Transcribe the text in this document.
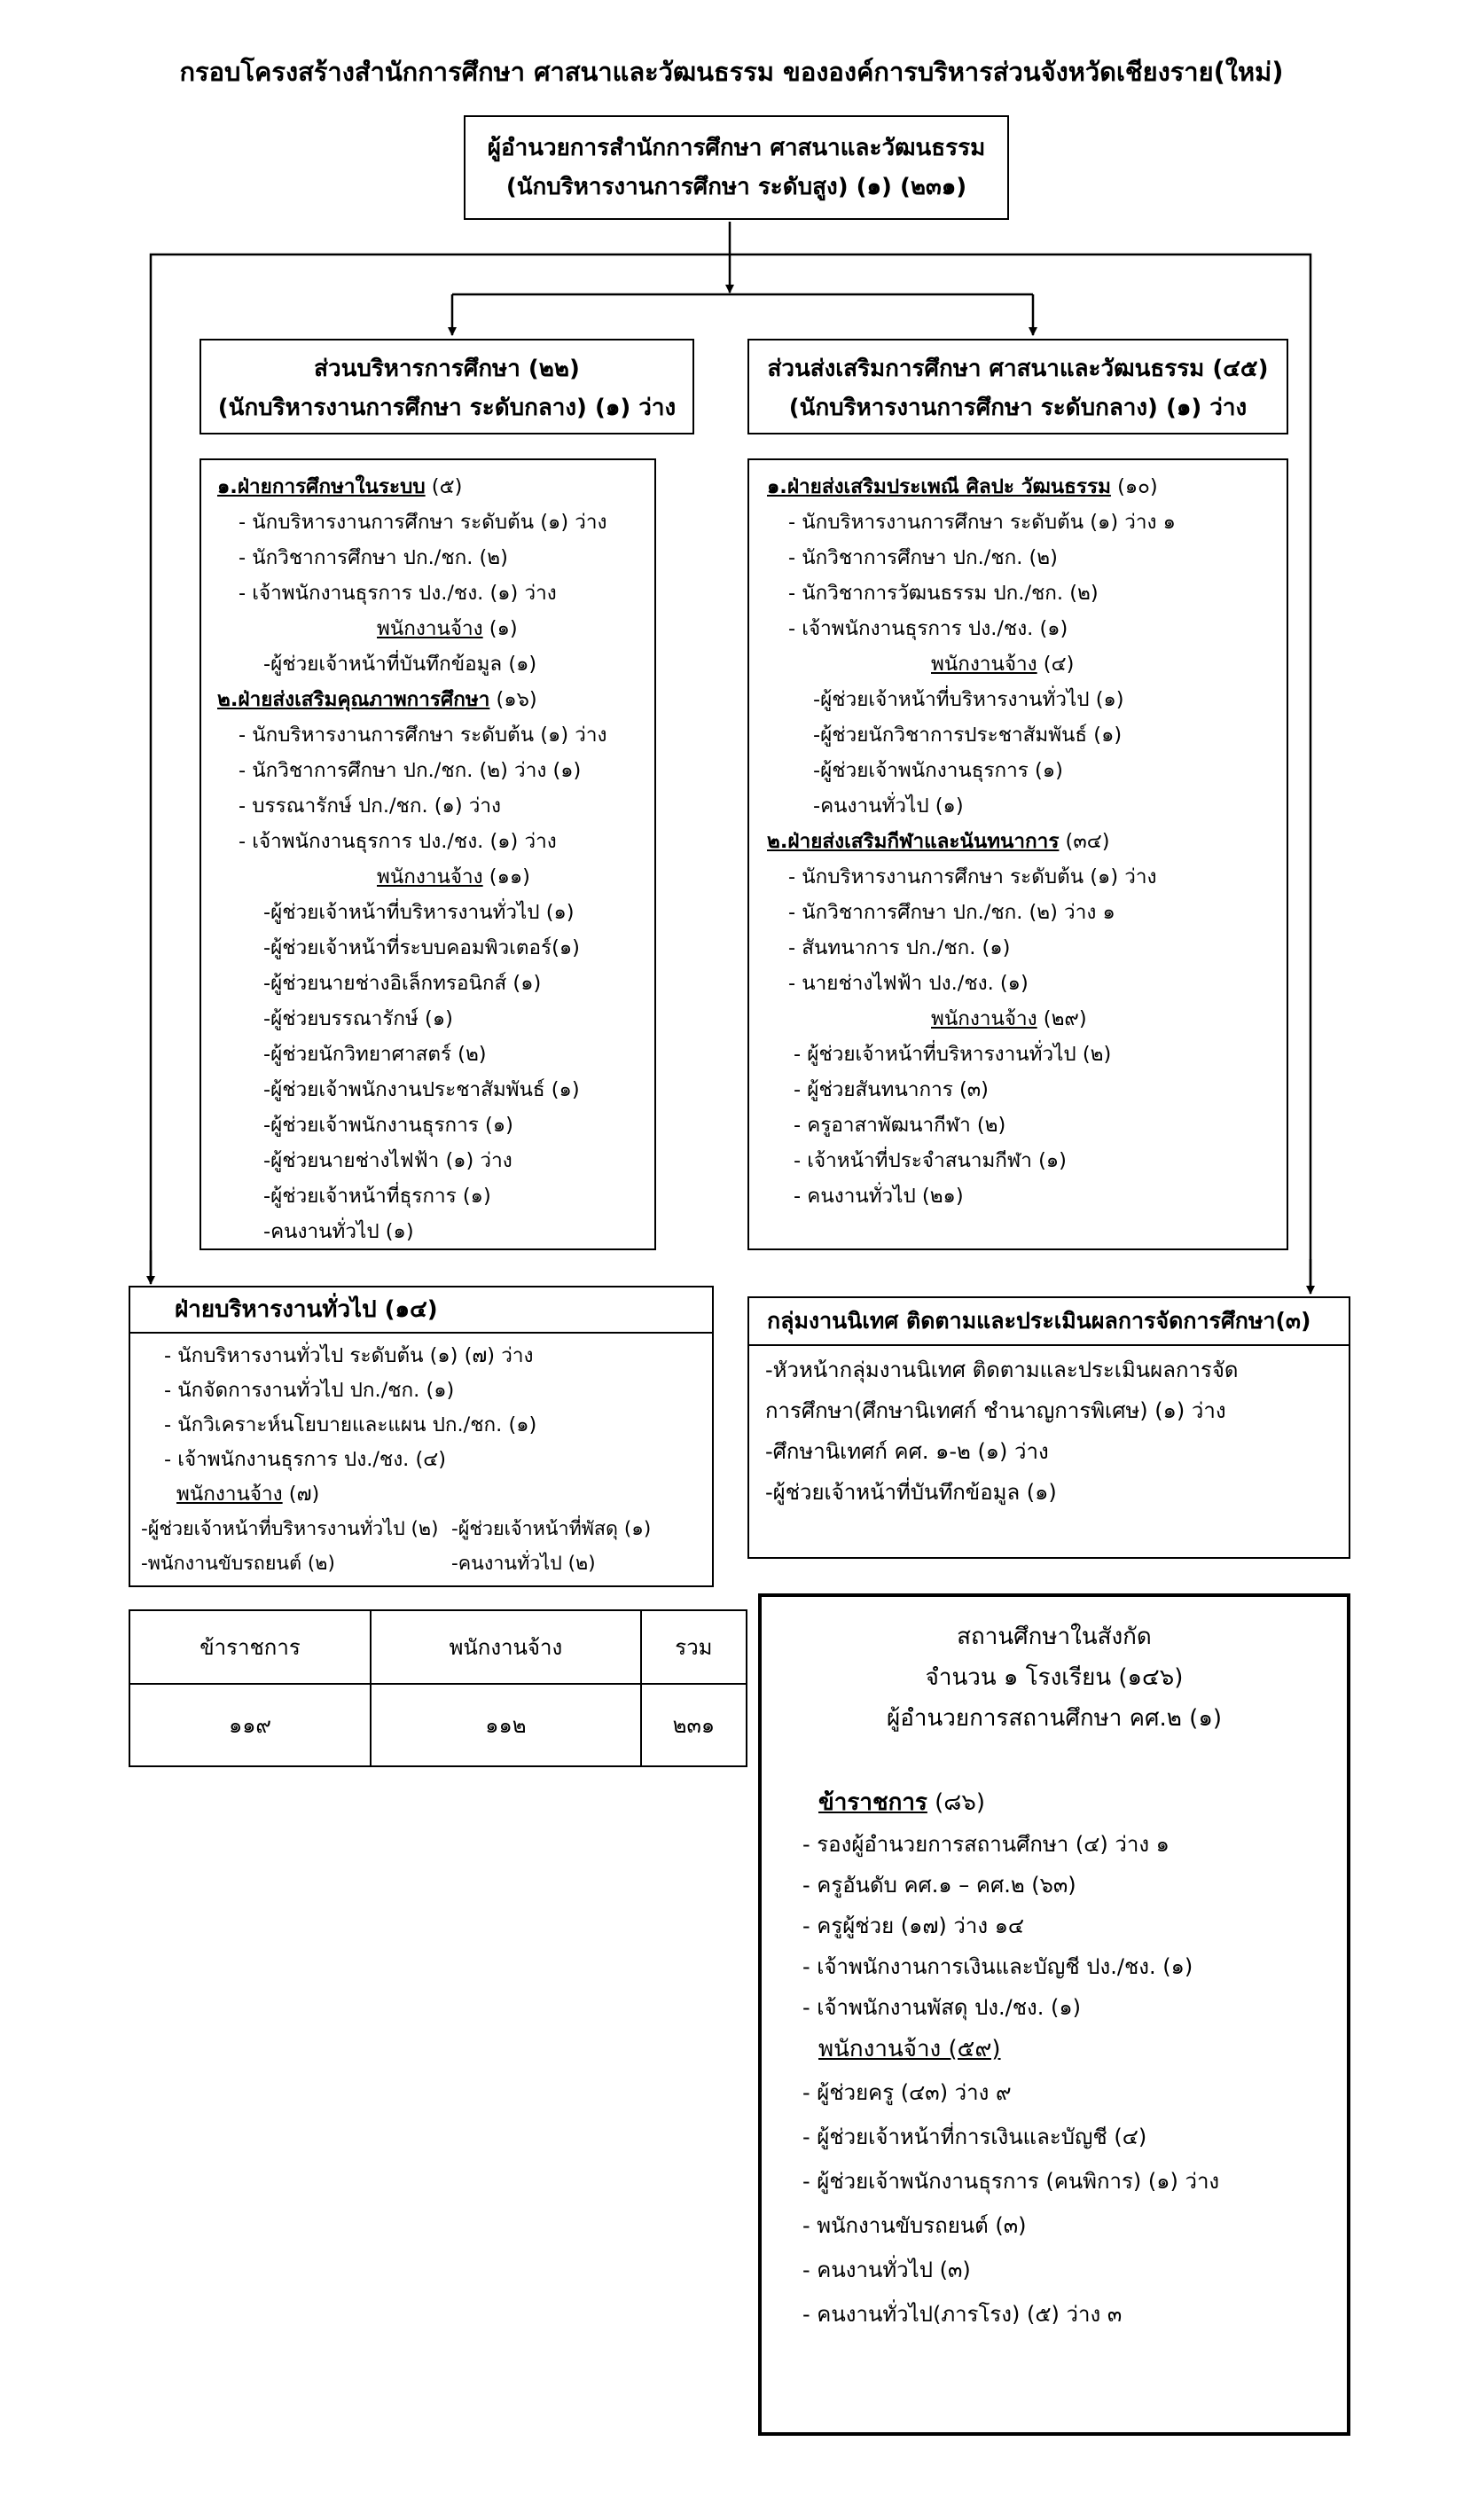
กรอบโครงสร้างสำนักการศึกษา ศาสนาและวัฒนธรรม ขององค์การบริหารส่วนจังหวัดเชียงราย(ใหม่)
ผู้อำนวยการสำนักการศึกษา ศาสนาและวัฒนธรรม
(นักบริหารงานการศึกษา ระดับสูง) (๑) (๒๓๑)
ส่วนบริหารการศึกษา (๒๒)
(นักบริหารงานการศึกษา ระดับกลาง) (๑) ว่าง
ส่วนส่งเสริมการศึกษา ศาสนาและวัฒนธรรม (๔๕)
(นักบริหารงานการศึกษา ระดับกลาง) (๑) ว่าง
๑.ฝ่ายการศึกษาในระบบ (๕)
- นักบริหารงานการศึกษา ระดับต้น (๑) ว่าง
- นักวิชาการศึกษา ปก./ชก. (๒)
- เจ้าพนักงานธุรการ ปง./ชง. (๑) ว่าง
พนักงานจ้าง (๑)
-ผู้ช่วยเจ้าหน้าที่บันทึกข้อมูล (๑)
๒.ฝ่ายส่งเสริมคุณภาพการศึกษา (๑๖)
- นักบริหารงานการศึกษา ระดับต้น (๑) ว่าง
- นักวิชาการศึกษา ปก./ชก. (๒) ว่าง (๑)
- บรรณารักษ์ ปก./ชก. (๑) ว่าง
- เจ้าพนักงานธุรการ ปง./ชง. (๑) ว่าง
พนักงานจ้าง (๑๑)
-ผู้ช่วยเจ้าหน้าที่บริหารงานทั่วไป (๑)
-ผู้ช่วยเจ้าหน้าที่ระบบคอมพิวเตอร์(๑)
-ผู้ช่วยนายช่างอิเล็กทรอนิกส์ (๑)
-ผู้ช่วยบรรณารักษ์ (๑)
-ผู้ช่วยนักวิทยาศาสตร์ (๒)
-ผู้ช่วยเจ้าพนักงานประชาสัมพันธ์ (๑)
-ผู้ช่วยเจ้าพนักงานธุรการ (๑)
-ผู้ช่วยนายช่างไฟฟ้า (๑) ว่าง
-ผู้ช่วยเจ้าหน้าที่ธุรการ (๑)
-คนงานทั่วไป (๑)
๑.ฝ่ายส่งเสริมประเพณี ศิลปะ วัฒนธรรม (๑๐)
- นักบริหารงานการศึกษา ระดับต้น (๑) ว่าง ๑
- นักวิชาการศึกษา ปก./ชก. (๒)
- นักวิชาการวัฒนธรรม ปก./ชก. (๒)
- เจ้าพนักงานธุรการ ปง./ชง. (๑)
พนักงานจ้าง (๔)
-ผู้ช่วยเจ้าหน้าที่บริหารงานทั่วไป (๑)
-ผู้ช่วยนักวิชาการประชาสัมพันธ์ (๑)
-ผู้ช่วยเจ้าพนักงานธุรการ (๑)
-คนงานทั่วไป (๑)
๒.ฝ่ายส่งเสริมกีฬาและนันทนาการ (๓๔)
- นักบริหารงานการศึกษา ระดับต้น (๑) ว่าง
- นักวิชาการศึกษา ปก./ชก. (๒) ว่าง ๑
- สันทนาการ ปก./ชก. (๑)
- นายช่างไฟฟ้า ปง./ชง. (๑)
พนักงานจ้าง (๒๙)
- ผู้ช่วยเจ้าหน้าที่บริหารงานทั่วไป (๒)
- ผู้ช่วยสันทนาการ (๓)
- ครูอาสาพัฒนากีฬา (๒)
- เจ้าหน้าที่ประจำสนามกีฬา (๑)
- คนงานทั่วไป (๒๑)
ฝ่ายบริหารงานทั่วไป (๑๔)
- นักบริหารงานทั่วไป ระดับต้น (๑) (๗) ว่าง
- นักจัดการงานทั่วไป ปก./ชก. (๑)
- นักวิเคราะห์นโยบายและแผน ปก./ชก. (๑)
- เจ้าพนักงานธุรการ ปง./ชง. (๔)
พนักงานจ้าง (๗)
-ผู้ช่วยเจ้าหน้าที่บริหารงานทั่วไป (๒) -ผู้ช่วยเจ้าหน้าที่พัสดุ (๑)
-พนักงานขับรถยนต์ (๒)	-คนงานทั่วไป (๒)
กลุ่มงานนิเทศ ติดตามและประเมินผลการจัดการศึกษา(๓)
-หัวหน้ากลุ่มงานนิเทศ ติดตามและประเมินผลการจัด
การศึกษา(ศึกษานิเทศก์ ชำนาญการพิเศษ) (๑) ว่าง
-ศึกษานิเทศก์ คศ. ๑-๒ (๑) ว่าง
-ผู้ช่วยเจ้าหน้าที่บันทึกข้อมูล (๑)
ข้าราชการ	พนักงานจ้าง	รวม
๑๑๙	๑๑๒	๒๓๑
สถานศึกษาในสังกัด
จำนวน ๑ โรงเรียน (๑๔๖)
ผู้อำนวยการสถานศึกษา คศ.๒ (๑)
ข้าราชการ (๘๖)
- รองผู้อำนวยการสถานศึกษา (๔) ว่าง ๑
- ครูอันดับ คศ.๑ – คศ.๒ (๖๓)
- ครูผู้ช่วย (๑๗) ว่าง ๑๔
- เจ้าพนักงานการเงินและบัญชี ปง./ชง. (๑)
- เจ้าพนักงานพัสดุ ปง./ชง. (๑)
พนักงานจ้าง (๕๙)
- ผู้ช่วยครู (๔๓) ว่าง ๙
- ผู้ช่วยเจ้าหน้าที่การเงินและบัญชี (๔)
- ผู้ช่วยเจ้าพนักงานธุรการ (คนพิการ) (๑) ว่าง
- พนักงานขับรถยนต์ (๓)
- คนงานทั่วไป (๓)
- คนงานทั่วไป(ภารโรง) (๕) ว่าง ๓
